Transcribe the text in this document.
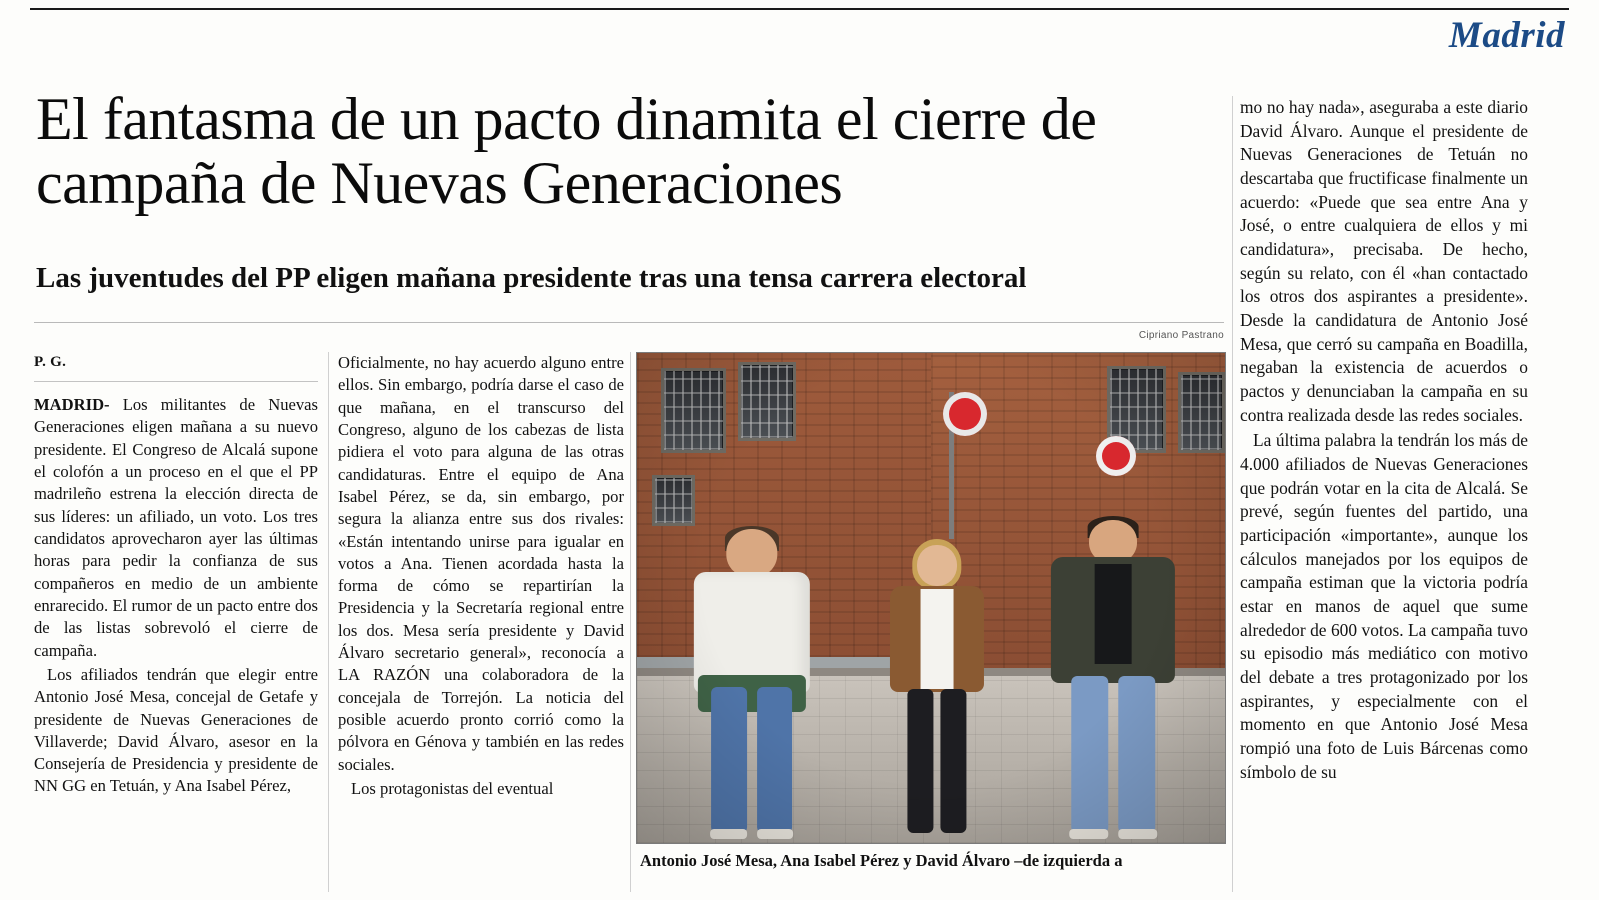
Madrid
El fantasma de un pacto dinamita el cierre de campaña de Nuevas Generaciones
Las juventudes del PP eligen mañana presidente tras una tensa carrera electoral
P. G.

MADRID- Los militantes de Nuevas Generaciones eligen mañana a su nuevo presidente. El Congreso de Alcalá supone el colofón a un proceso en el que el PP madrileño estrena la elección directa de sus líderes: un afiliado, un voto. Los tres candidatos aprovecharon ayer las últimas horas para pedir la confianza de sus compañeros en medio de un ambiente enrarecido. El rumor de un pacto entre dos de las listas sobrevoló el cierre de campaña.

Los afiliados tendrán que elegir entre Antonio José Mesa, concejal de Getafe y presidente de Nuevas Generaciones de Villaverde; David Álvaro, asesor en la Consejería de Presidencia y presidente de NN GG en Tetuán, y Ana Isabel Pérez,

Oficialmente, no hay acuerdo alguno entre ellos. Sin embargo, podría darse el caso de que mañana, en el transcurso del Congreso, alguno de los cabezas de lista pidiera el voto para alguna de las otras candidaturas. Entre el equipo de Ana Isabel Pérez, se da, sin embargo, por segura la alianza entre sus dos rivales: «Están intentando unirse para igualar en votos a Ana. Tienen acordada hasta la forma de cómo se repartirían la Presidencia y la Secretaría regional entre los dos. Mesa sería presidente y David Álvaro secretario general», reconocía a LA RAZÓN una colaboradora de la concejala de Torrejón. La noticia del posible acuerdo pronto corrió como la pólvora en Génova y también en las redes sociales.

Los protagonistas del eventual

Cipriano Pastrano
Antonio José Mesa, Ana Isabel Pérez y David Álvaro –de izquierda a

mo no hay nada», aseguraba a este diario David Álvaro. Aunque el presidente de Nuevas Generaciones de Tetuán no descartaba que fructificase finalmente un acuerdo: «Puede que sea entre Ana y José, o entre cualquiera de ellos y mi candidatura», precisaba. De hecho, según su relato, con él «han contactado los otros dos aspirantes a presidente». Desde la candidatura de Antonio José Mesa, que cerró su campaña en Boadilla, negaban la existencia de acuerdos o pactos y denunciaban la campaña en su contra realizada desde las redes sociales.

La última palabra la tendrán los más de 4.000 afiliados de Nuevas Generaciones que podrán votar en la cita de Alcalá. Se prevé, según fuentes del partido, una participación «importante», aunque los cálculos manejados por los equipos de campaña estiman que la victoria podría estar en manos de aquel que sume alrededor de 600 votos. La campaña tuvo su episodio más mediático con motivo del debate a tres protagonizado por los aspirantes, y especialmente con el momento en que Antonio José Mesa rompió una foto de Luis Bárcenas como símbolo de su
